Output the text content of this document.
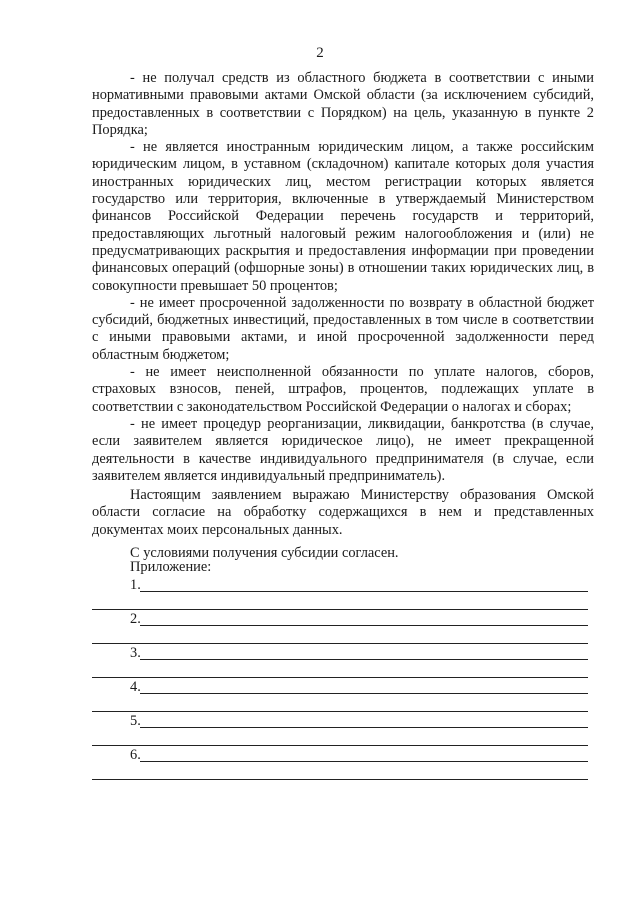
2

- не получал средств из областного бюджета в соответствии с иными нормативными правовыми актами Омской области (за исключением субсидий, предоставленных в соответствии с Порядком) на цель, указанную в пункте 2 Порядка;

- не является иностранным юридическим лицом, а также российским юридическим лицом, в уставном (складочном) капитале которых доля участия иностранных юридических лиц, местом регистрации которых является государство или территория, включенные в утверждаемый Министерством финансов Российской Федерации перечень государств и территорий, предоставляющих льготный налоговый режим налогообложения и (или) не предусматривающих раскрытия и предоставления информации при проведении финансовых операций (офшорные зоны) в отношении таких юридических лиц, в совокупности превышает 50 процентов;

- не имеет просроченной задолженности по возврату в областной бюджет субсидий, бюджетных инвестиций, предоставленных в том числе в соответствии с иными правовыми актами, и иной просроченной задолженности перед областным бюджетом;

- не имеет неисполненной обязанности по уплате налогов, сборов, страховых взносов, пеней, штрафов, процентов, подлежащих уплате в соответствии с законодательством Российской Федерации о налогах и сборах;

- не имеет процедур реорганизации, ликвидации, банкротства (в случае, если заявителем является юридическое лицо), не имеет прекращенной деятельности в качестве индивидуального предпринимателя (в случае, если заявителем является индивидуальный предприниматель).

Настоящим заявлением выражаю Министерству образования Омской области согласие на обработку содержащихся в нем и представленных документах моих персональных данных.

С условиями получения субсидии согласен.

Приложение:
1.
2.
3.
4.
5.
6.
